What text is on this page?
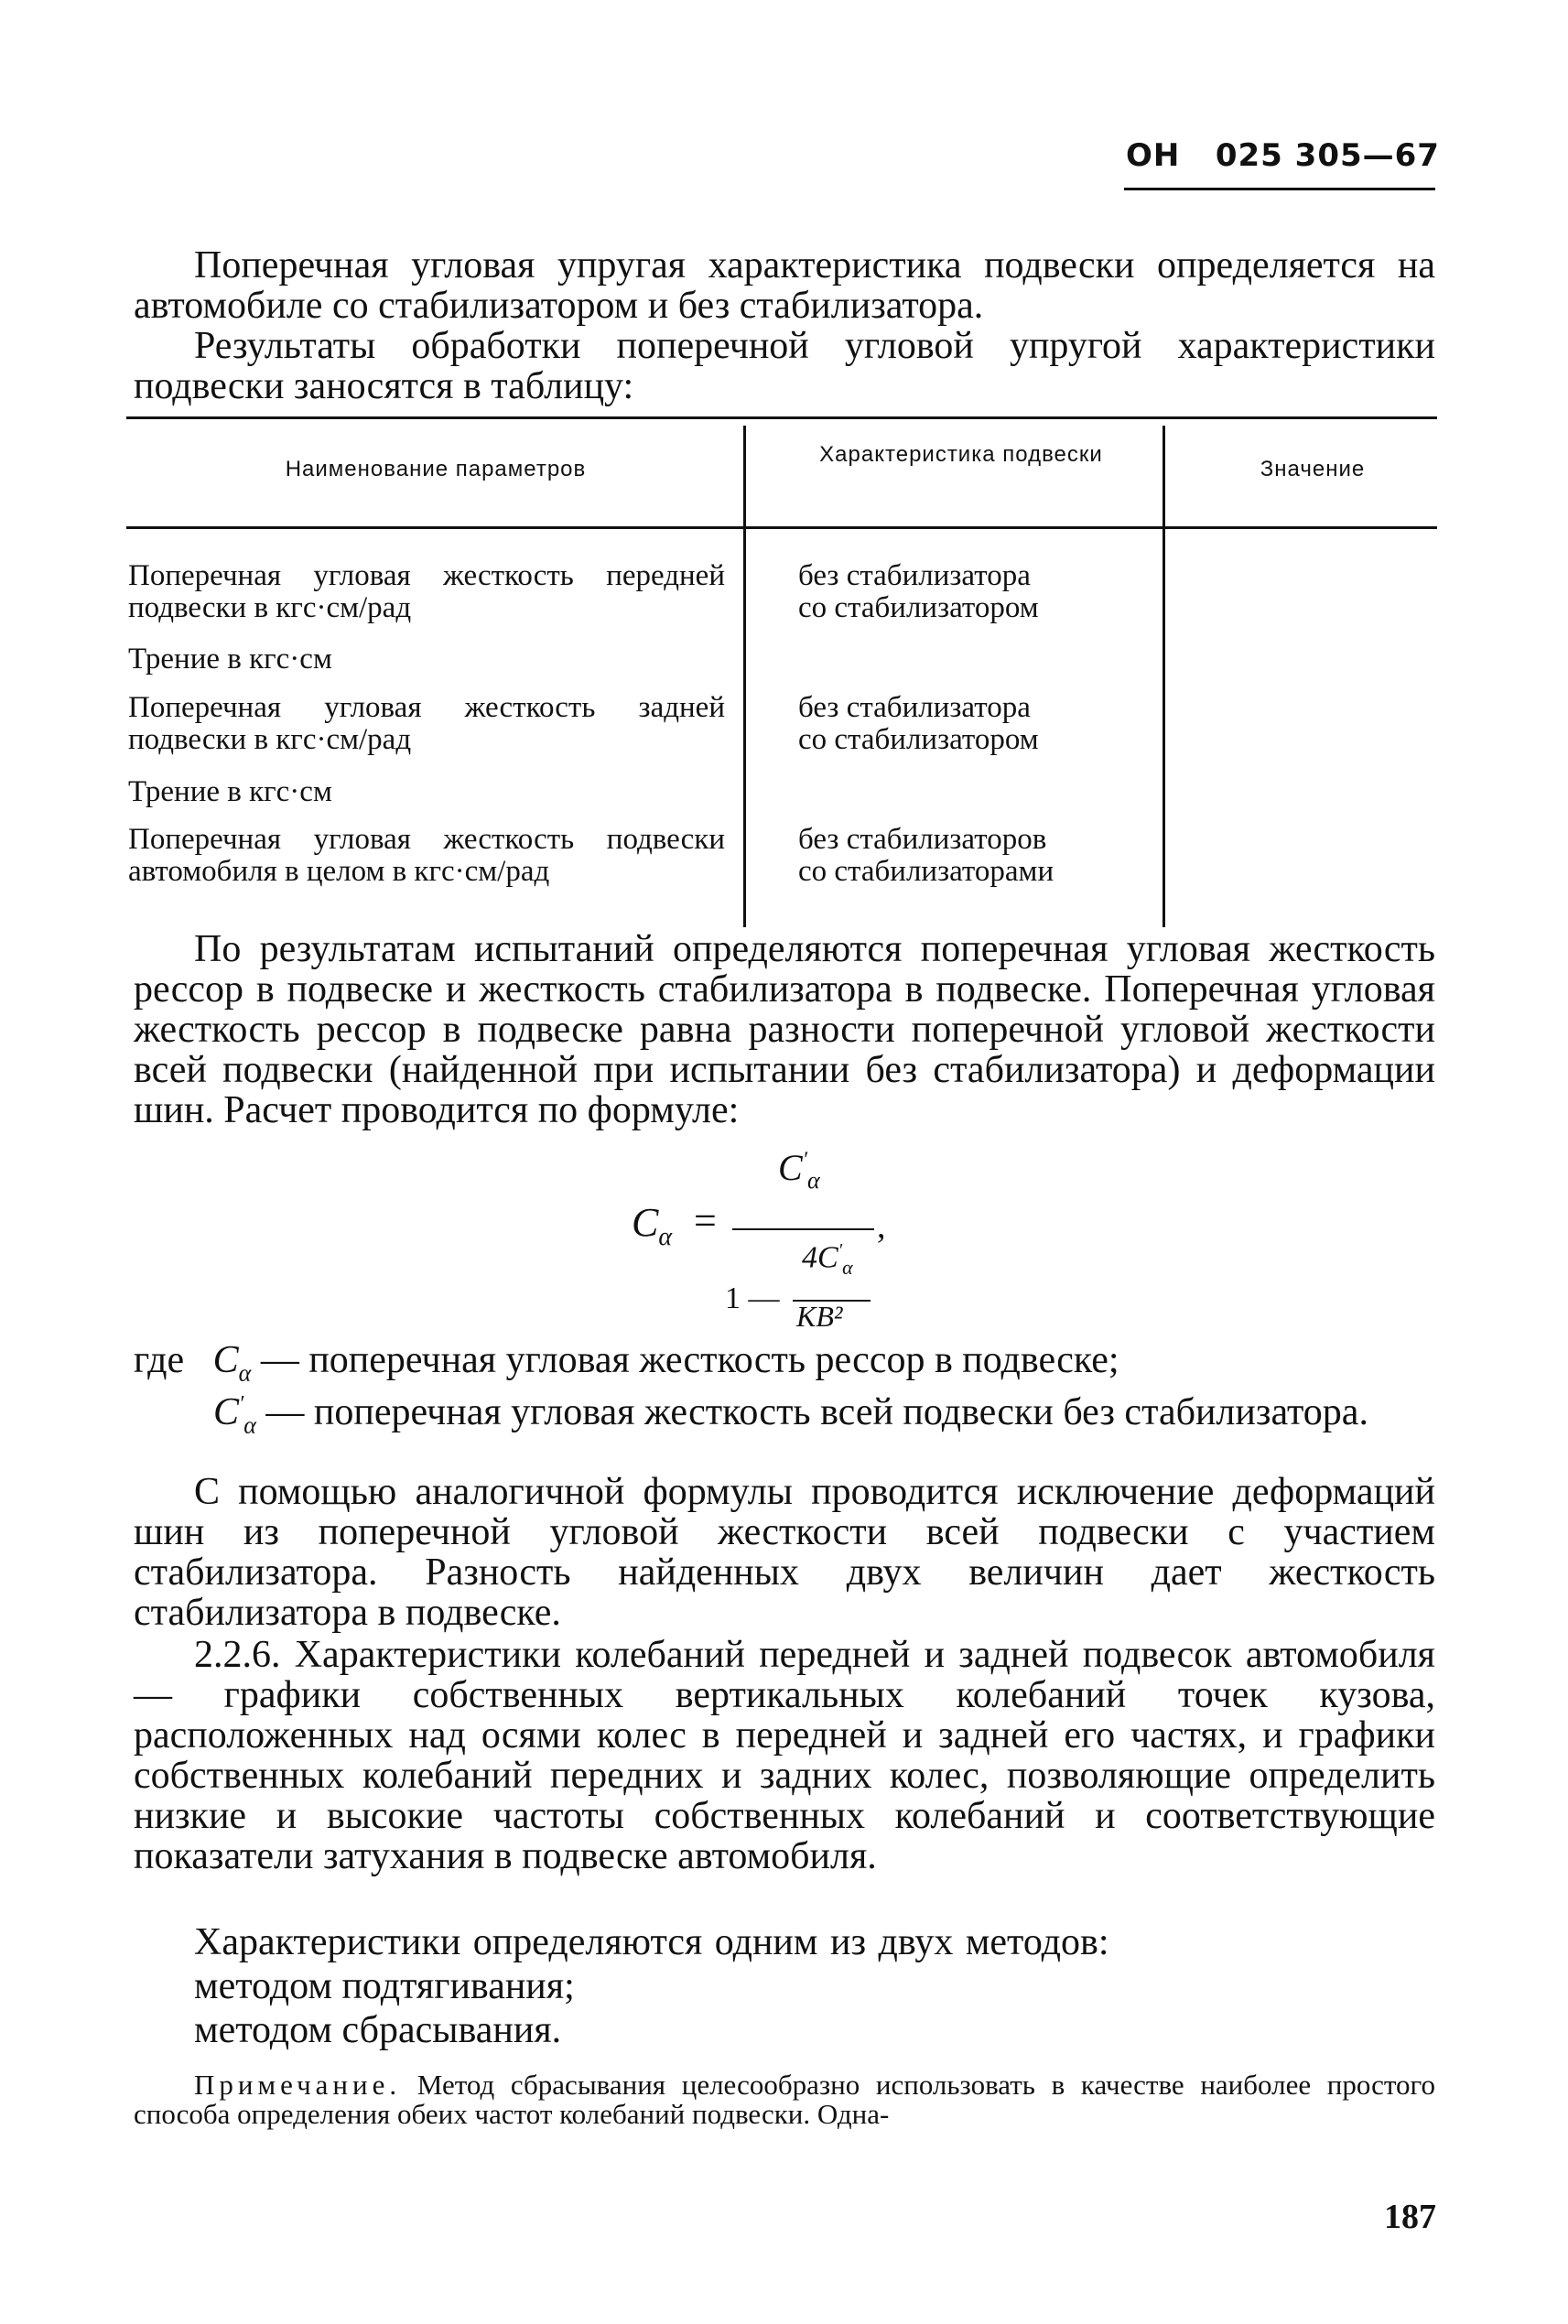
ОН   025 305—67
Поперечная угловая упругая характеристика подвески определяется на автомобиле со стабилизатором и без стабилизатора.
Результаты обработки поперечной угловой упругой характеристики подвески заносятся в таблицу:
Наименование параметров
Характеристика подвески
Значение
Поперечная угловая жесткость передней подвески в кгс·см/рад
без стабилизатора
со стабилизатором
Трение в кгс·см
Поперечная угловая жесткость задней подвески в кгс·см/рад
без стабилизатора
со стабилизатором
Трение в кгс·см
Поперечная угловая жесткость подвески автомобиля в целом в кгс·см/рад
без стабилизаторов
со стабилизаторами
По результатам испытаний определяются поперечная угловая жесткость рессор в подвеске и жесткость стабилизатора в подвеске. Поперечная угловая жесткость рессор в подвеске равна разности поперечной угловой жесткости всей подвески (найденной при испытании без стабилизатора) и деформации шин. Расчет проводится по формуле:
$C_\alpha$ =
$C'_\alpha$
,
1 —
$4C'_\alpha$
KB²
где $C_\alpha$ — поперечная угловая жесткость рессор в подвеске;
$C'_\alpha$ — поперечная угловая жесткость всей подвески без стабилизатора.
С помощью аналогичной формулы проводится исключение деформаций шин из поперечной угловой жесткости всей подвески с участием стабилизатора. Разность найденных двух величин дает жесткость стабилизатора в подвеске.
2.2.6. Характеристики колебаний передней и задней подвесок автомобиля — графики собственных вертикальных колебаний точек кузова, расположенных над осями колес в передней и задней его частях, и графики собственных колебаний передних и задних колес, позволяющие определить низкие и высокие частоты собственных колебаний и соответствующие показатели затухания в подвеске автомобиля.
Характеристики определяются одним из двух методов:
методом подтягивания;
методом сбрасывания.
Примечание. Метод сбрасывания целесообразно использовать в качестве наиболее простого способа определения обеих частот колебаний подвески. Одна-
187
